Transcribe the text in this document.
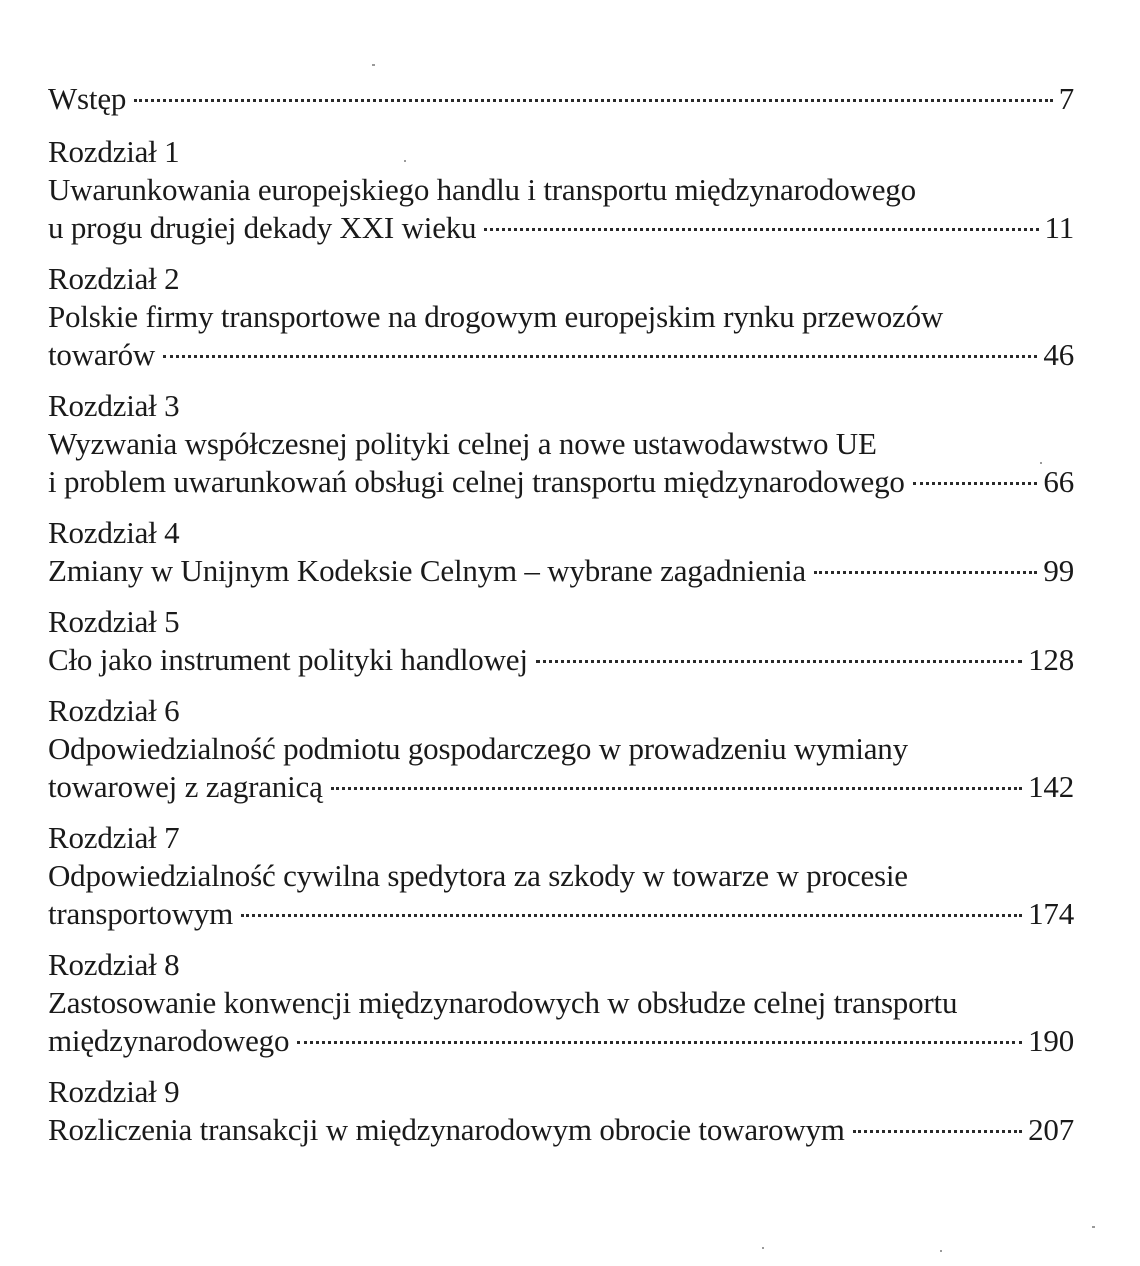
Wstęp	7
Rozdział 1
Uwarunkowania europejskiego handlu i transportu międzynarodowego
u progu drugiej dekady XXI wieku	11
Rozdział 2
Polskie firmy transportowe na drogowym europejskim rynku przewozów
towarów	46
Rozdział 3
Wyzwania współczesnej polityki celnej a nowe ustawodawstwo UE
i problem uwarunkowań obsługi celnej transportu międzynarodowego	66
Rozdział 4
Zmiany w Unijnym Kodeksie Celnym – wybrane zagadnienia	99
Rozdział 5
Cło jako instrument polityki handlowej	128
Rozdział 6
Odpowiedzialność podmiotu gospodarczego w prowadzeniu wymiany
towarowej z zagranicą	142
Rozdział 7
Odpowiedzialność cywilna spedytora za szkody w towarze w procesie
transportowym	174
Rozdział 8
Zastosowanie konwencji międzynarodowych w obsłudze celnej transportu
międzynarodowego	190
Rozdział 9
Rozliczenia transakcji w międzynarodowym obrocie towarowym	207
